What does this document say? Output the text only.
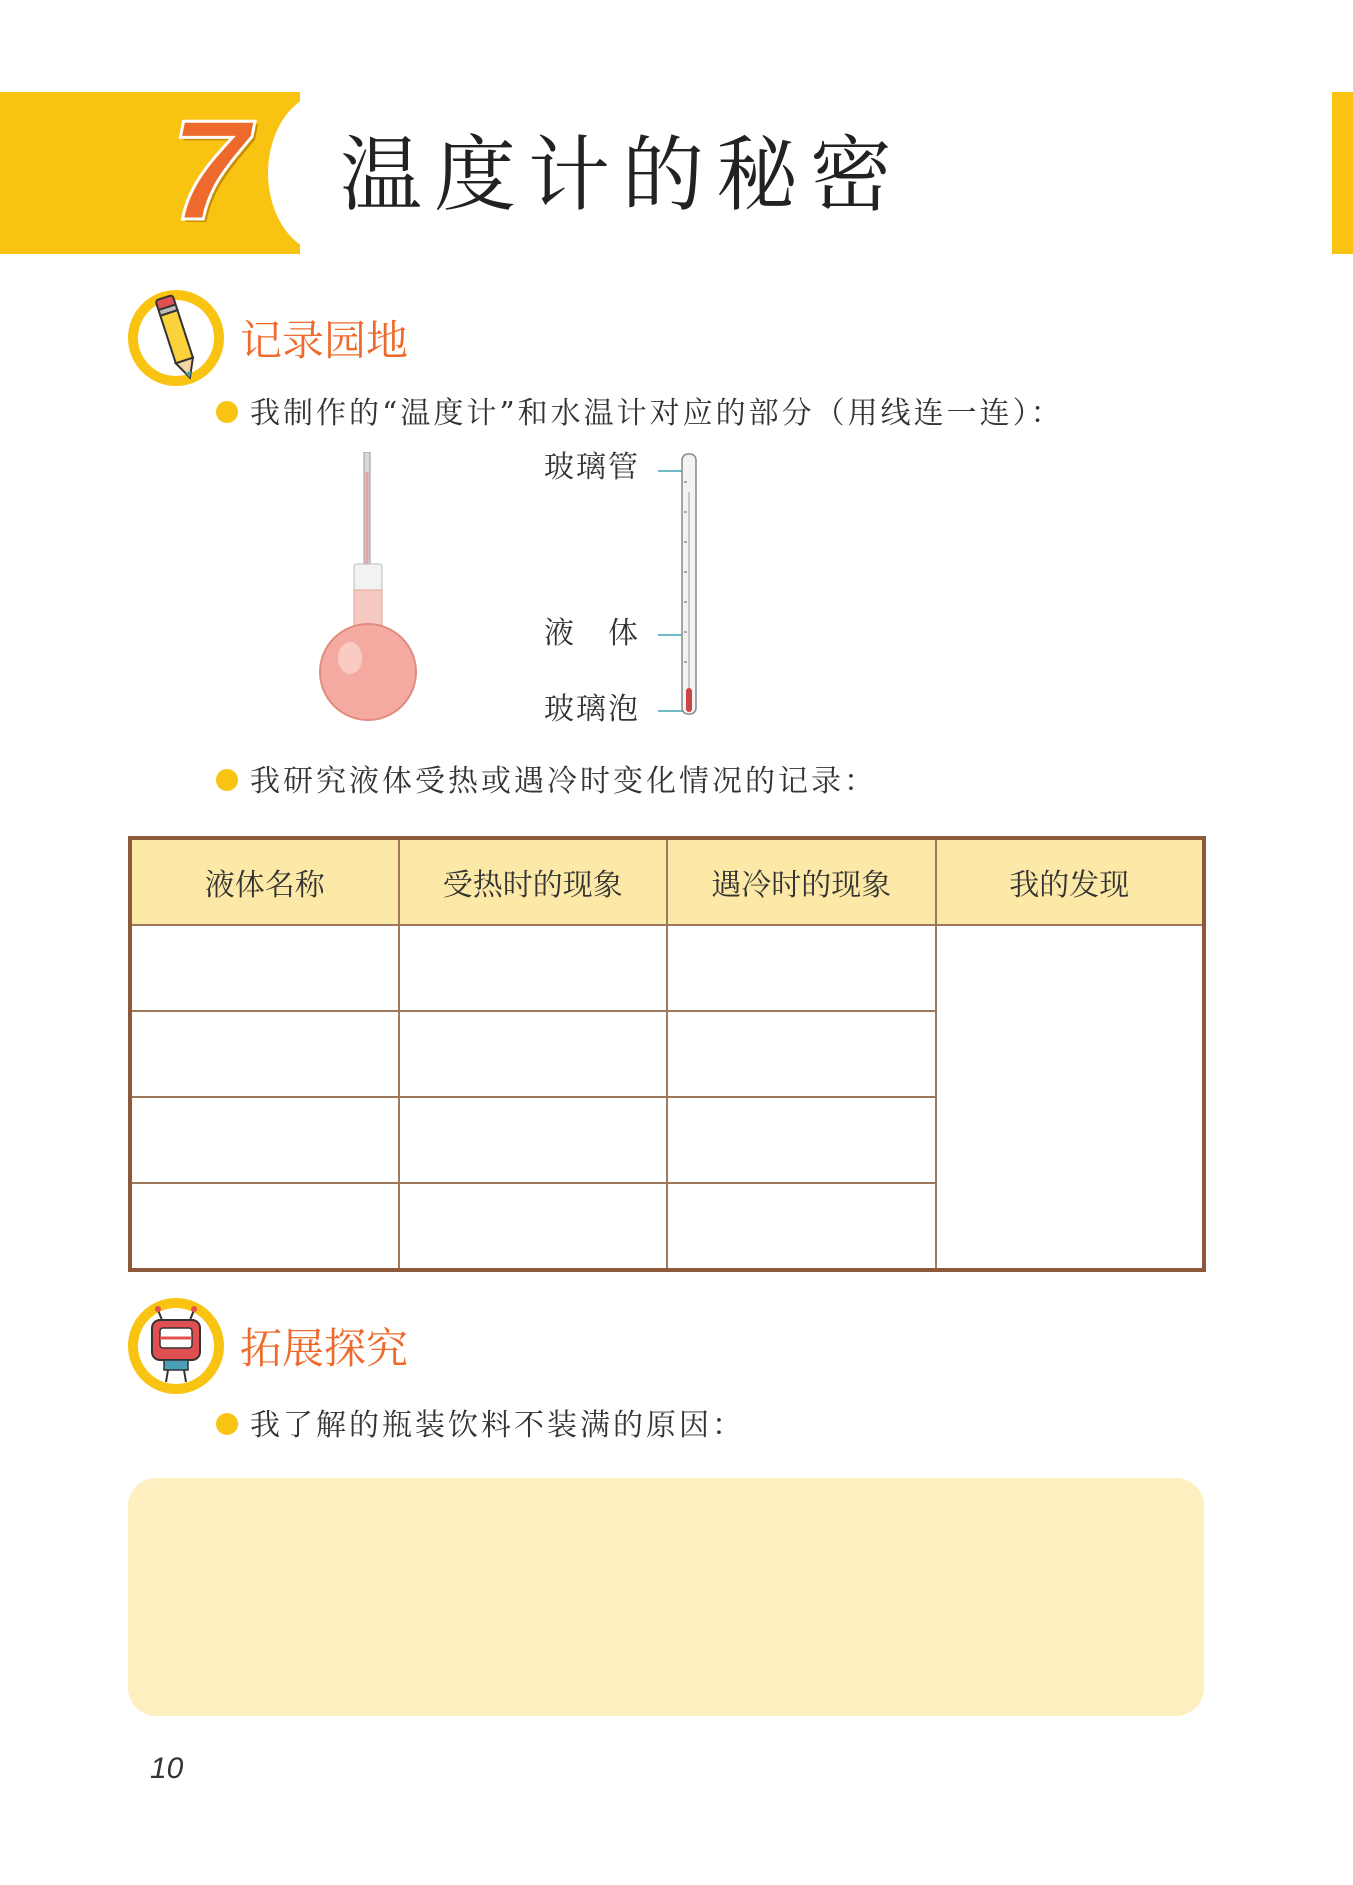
7 温度计的秘密
记录园地
我制作的“温度计”和水温计对应的部分（用线连一连）：
玻璃管
液　体
玻璃泡
我研究液体受热或遇冷时变化情况的记录：
液体名称	受热时的现象	遇冷时的现象	我的发现

拓展探究
我了解的瓶装饮料不装满的原因：
10
